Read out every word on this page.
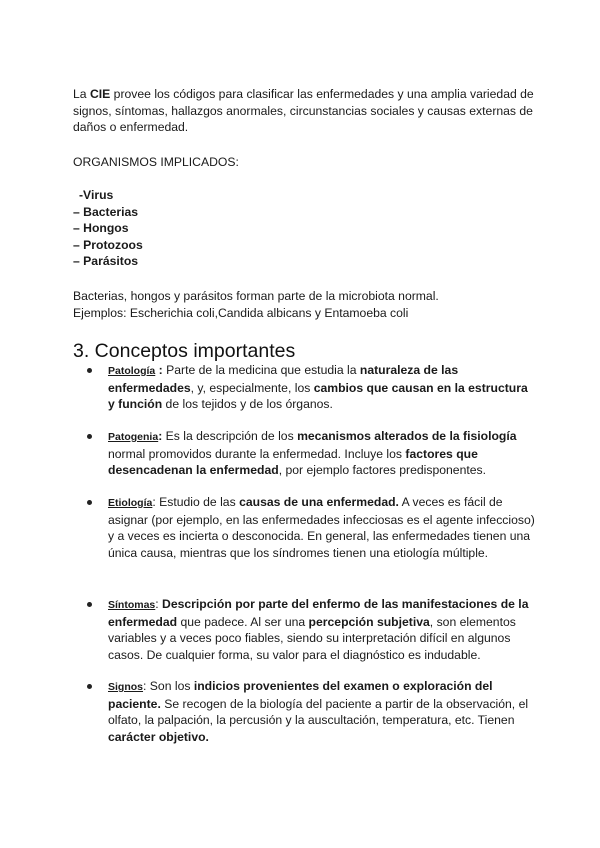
La CIE provee los códigos para clasificar las enfermedades y una amplia variedad de signos, síntomas, hallazgos anormales, circunstancias sociales y causas externas de daños o enfermedad.

ORGANISMOS IMPLICADOS:
-Virus
– Bacterias
– Hongos
– Protozoos
– Parásitos
Bacterias, hongos y parásitos forman parte de la microbiota normal.
Ejemplos: Escherichia coli,Candida albicans y Entamoeba coli
3. Conceptos importantes
Patología : Parte de la medicina que estudia la naturaleza de las enfermedades, y, especialmente, los cambios que causan en la estructura y función de los tejidos y de los órganos.
Patogenia: Es la descripción de los mecanismos alterados de la fisiología normal promovidos durante la enfermedad. Incluye los factores que desencadenan la enfermedad, por ejemplo factores predisponentes.
Etiología: Estudio de las causas de una enfermedad. A veces es fácil de asignar (por ejemplo, en las enfermedades infecciosas es el agente infeccioso) y a veces es incierta o desconocida. En general, las enfermedades tienen una única causa, mientras que los síndromes tienen una etiología múltiple.
Síntomas: Descripción por parte del enfermo de las manifestaciones de la enfermedad que padece. Al ser una percepción subjetiva, son elementos variables y a veces poco fiables, siendo su interpretación difícil en algunos casos. De cualquier forma, su valor para el diagnóstico es indudable.
Signos: Son los indicios provenientes del examen o exploración del paciente. Se recogen de la biología del paciente a partir de la observación, el olfato, la palpación, la percusión y la auscultación, temperatura, etc. Tienen carácter objetivo.
